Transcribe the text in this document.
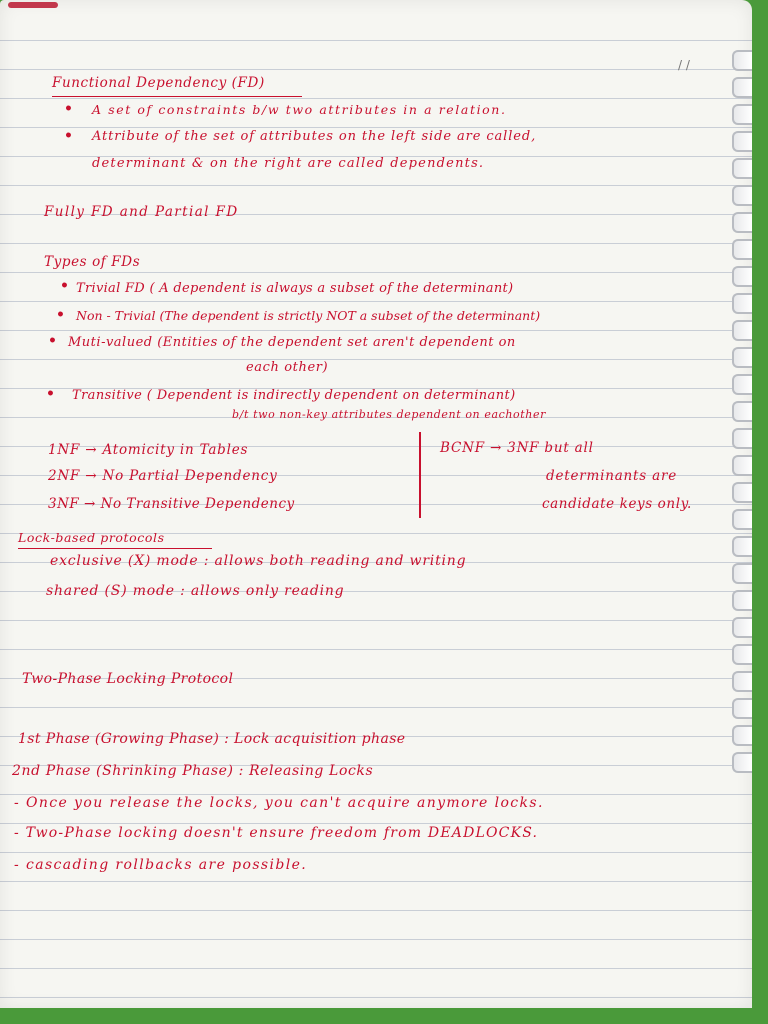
/ /
Functional Dependency (FD)
• A set of constraints b/w two attributes in a relation.
• Attribute of the set of attributes on the left side are called,
determinant & on the right are called dependents.
Fully FD and Partial FD
Types of FDs
• Trivial FD ( A dependent is always a subset of the determinant)
• Non - Trivial (The dependent is strictly NOT a subset of the determinant)
• Muti-valued (Entities of the dependent set aren't dependent on
each other)
• Transitive ( Dependent is indirectly dependent on determinant)
b/t two non-key attributes dependent on eachother
1NF → Atomicity in Tables
2NF → No Partial Dependency
3NF → No Transitive Dependency
BCNF → 3NF but all
determinants are
candidate keys only.
Lock-based protocols
exclusive (X) mode : allows both reading and writing
shared (S) mode : allows only reading
Two-Phase Locking Protocol
1st Phase (Growing Phase) : Lock acquisition phase
2nd Phase (Shrinking Phase) : Releasing Locks
- Once you release the locks, you can't acquire anymore locks.
- Two-Phase locking doesn't ensure freedom from DEADLOCKS.
- cascading rollbacks are possible.
